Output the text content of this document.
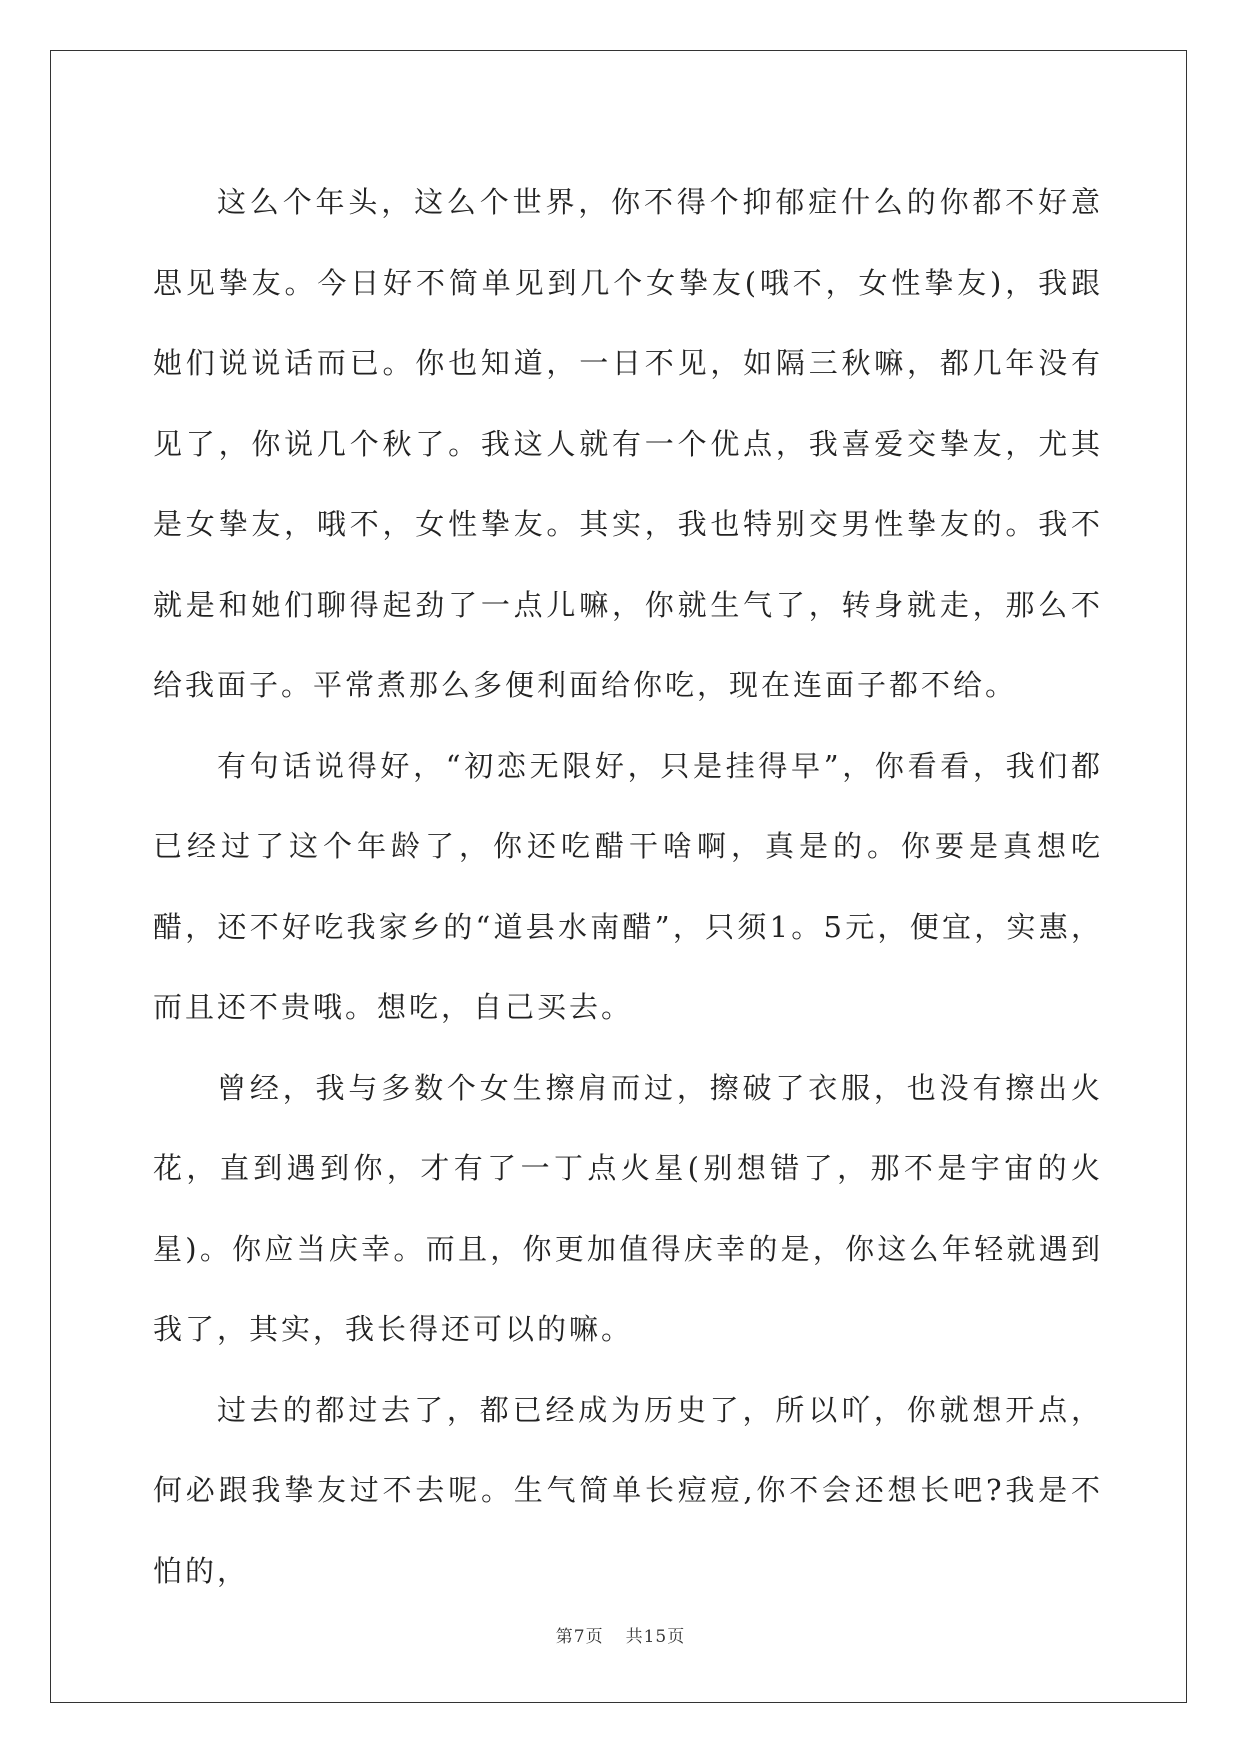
这么个年头，这么个世界，你不得个抑郁症什么的你都不好意思见挚友。今日好不简单见到几个女挚友(哦不，女性挚友)，我跟她们说说话而已。你也知道，一日不见，如隔三秋嘛，都几年没有见了，你说几个秋了。我这人就有一个优点，我喜爱交挚友，尤其是女挚友，哦不，女性挚友。其实，我也特别交男性挚友的。我不就是和她们聊得起劲了一点儿嘛，你就生气了，转身就走，那么不给我面子。平常煮那么多便利面给你吃，现在连面子都不给。

有句话说得好，“初恋无限好，只是挂得早”，你看看，我们都已经过了这个年龄了，你还吃醋干啥啊，真是的。你要是真想吃醋，还不好吃我家乡的“道县水南醋”，只须1。5元，便宜，实惠，而且还不贵哦。想吃，自己买去。

曾经，我与多数个女生擦肩而过，擦破了衣服，也没有擦出火花，直到遇到你，才有了一丁点火星(别想错了，那不是宇宙的火星)。你应当庆幸。而且，你更加值得庆幸的是，你这么年轻就遇到我了，其实，我长得还可以的嘛。

过去的都过去了，都已经成为历史了，所以吖，你就想开点，何必跟我挚友过不去呢。生气简单长痘痘,你不会还想长吧?我是不怕的，

第7页 共15页
